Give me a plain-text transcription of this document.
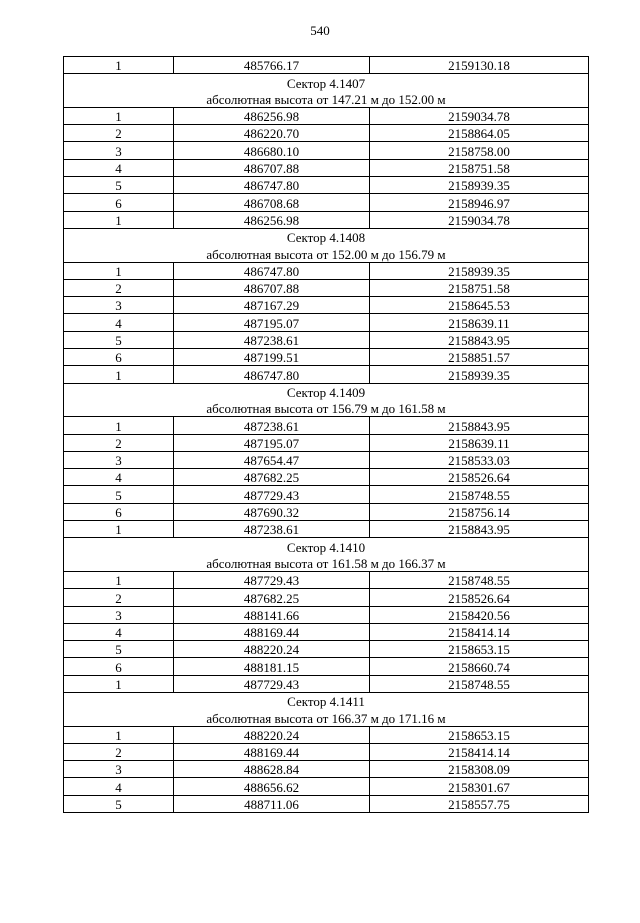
540
1	485766.17	2159130.18
Сектор 4.1407		
абсолютная высота от 147.21 м до 152.00 м		
1	486256.98	2159034.78
2	486220.70	2158864.05
3	486680.10	2158758.00
4	486707.88	2158751.58
5	486747.80	2158939.35
6	486708.68	2158946.97
1	486256.98	2159034.78
Сектор 4.1408		
абсолютная высота от 152.00 м до 156.79 м		
1	486747.80	2158939.35
2	486707.88	2158751.58
3	487167.29	2158645.53
4	487195.07	2158639.11
5	487238.61	2158843.95
6	487199.51	2158851.57
1	486747.80	2158939.35
Сектор 4.1409		
абсолютная высота от 156.79 м до 161.58 м		
1	487238.61	2158843.95
2	487195.07	2158639.11
3	487654.47	2158533.03
4	487682.25	2158526.64
5	487729.43	2158748.55
6	487690.32	2158756.14
1	487238.61	2158843.95
Сектор 4.1410		
абсолютная высота от 161.58 м до 166.37 м		
1	487729.43	2158748.55
2	487682.25	2158526.64
3	488141.66	2158420.56
4	488169.44	2158414.14
5	488220.24	2158653.15
6	488181.15	2158660.74
1	487729.43	2158748.55
Сектор 4.1411		
абсолютная высота от 166.37 м до 171.16 м		
1	488220.24	2158653.15
2	488169.44	2158414.14
3	488628.84	2158308.09
4	488656.62	2158301.67
5	488711.06	2158557.75
